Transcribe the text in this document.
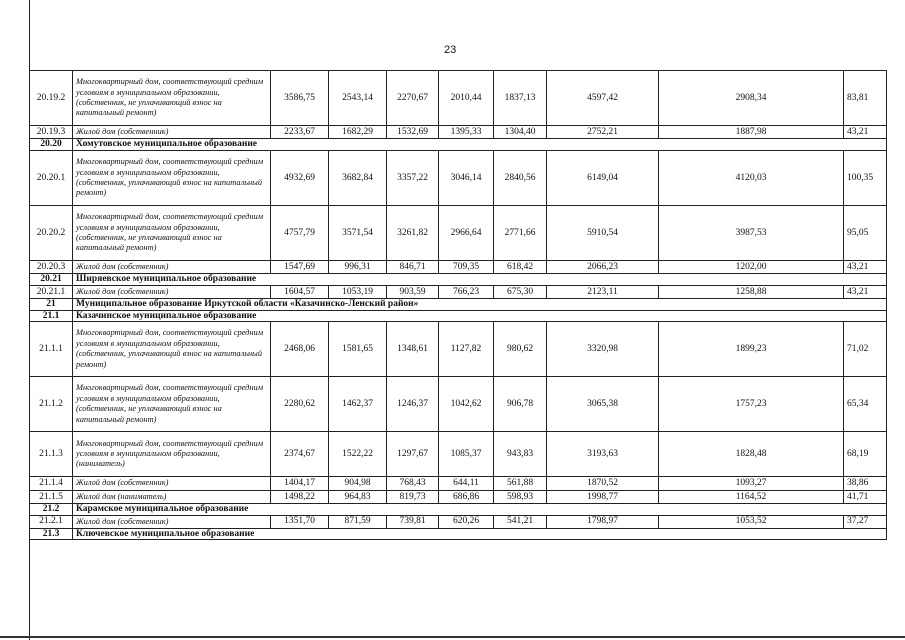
23
20.19.2	Многоквартирный дом, соответствующий средним условиям в муниципальном образовании, (собственник, не уплачивающий взнос на капитальный ремонт)	3586,75	2543,14	2270,67	2010,44	1837,13	4597,42	2908,34	83,81
20.19.3	Жилой дом (собственник)	2233,67	1682,29	1532,69	1395,33	1304,40	2752,21	1887,98	43,21
20.20	Хомутовское муниципальное образование								
20.20.1	Многоквартирный дом, соответствующий средним условиям в муниципальном образовании, (собственник, уплачивающий взнос на капитальный ремонт)	4932,69	3682,84	3357,22	3046,14	2840,56	6149,04	4120,03	100,35
20.20.2	Многоквартирный дом, соответствующий средним условиям в муниципальном образовании, (собственник, не уплачивающий взнос на капитальный ремонт)	4757,79	3571,54	3261,82	2966,64	2771,66	5910,54	3987,53	95,05
20.20.3	Жилой дом (собственник)	1547,69	996,31	846,71	709,35	618,42	2066,23	1202,00	43,21
20.21	Ширяевское муниципальное образование								
20.21.1	Жилой дом (собственник)	1604,57	1053,19	903,59	766,23	675,30	2123,11	1258,88	43,21
21	Муниципальное образование Иркутской области «Казачинско-Ленский район»								
21.1	Казачинское муниципальное образование								
21.1.1	Многоквартирный дом, соответствующий средним условиям в муниципальном образовании, (собственник, уплачивающий взнос на капитальный ремонт)	2468,06	1581,65	1348,61	1127,82	980,62	3320,98	1899,23	71,02
21.1.2	Многоквартирный дом, соответствующий средним условиям в муниципальном образовании, (собственник, не уплачивающий взнос на капитальный ремонт)	2280,62	1462,37	1246,37	1042,62	906,78	3065,38	1757,23	65,34
21.1.3	Многоквартирный дом, соответствующий средним условиям в муниципальном образовании, (наниматель)	2374,67	1522,22	1297,67	1085,37	943,83	3193,63	1828,48	68,19
21.1.4	Жилой дом (собственник)	1404,17	904,98	768,43	644,11	561,88	1870,52	1093,27	38,86
21.1.5	Жилой дом (наниматель)	1498,22	964,83	819,73	686,86	598,93	1998,77	1164,52	41,71
21.2	Карамское муниципальное образование								
21.2.1	Жилой дом (собственник)	1351,70	871,59	739,81	620,26	541,21	1798,97	1053,52	37,27
21.3	Ключевское муниципальное образование								
